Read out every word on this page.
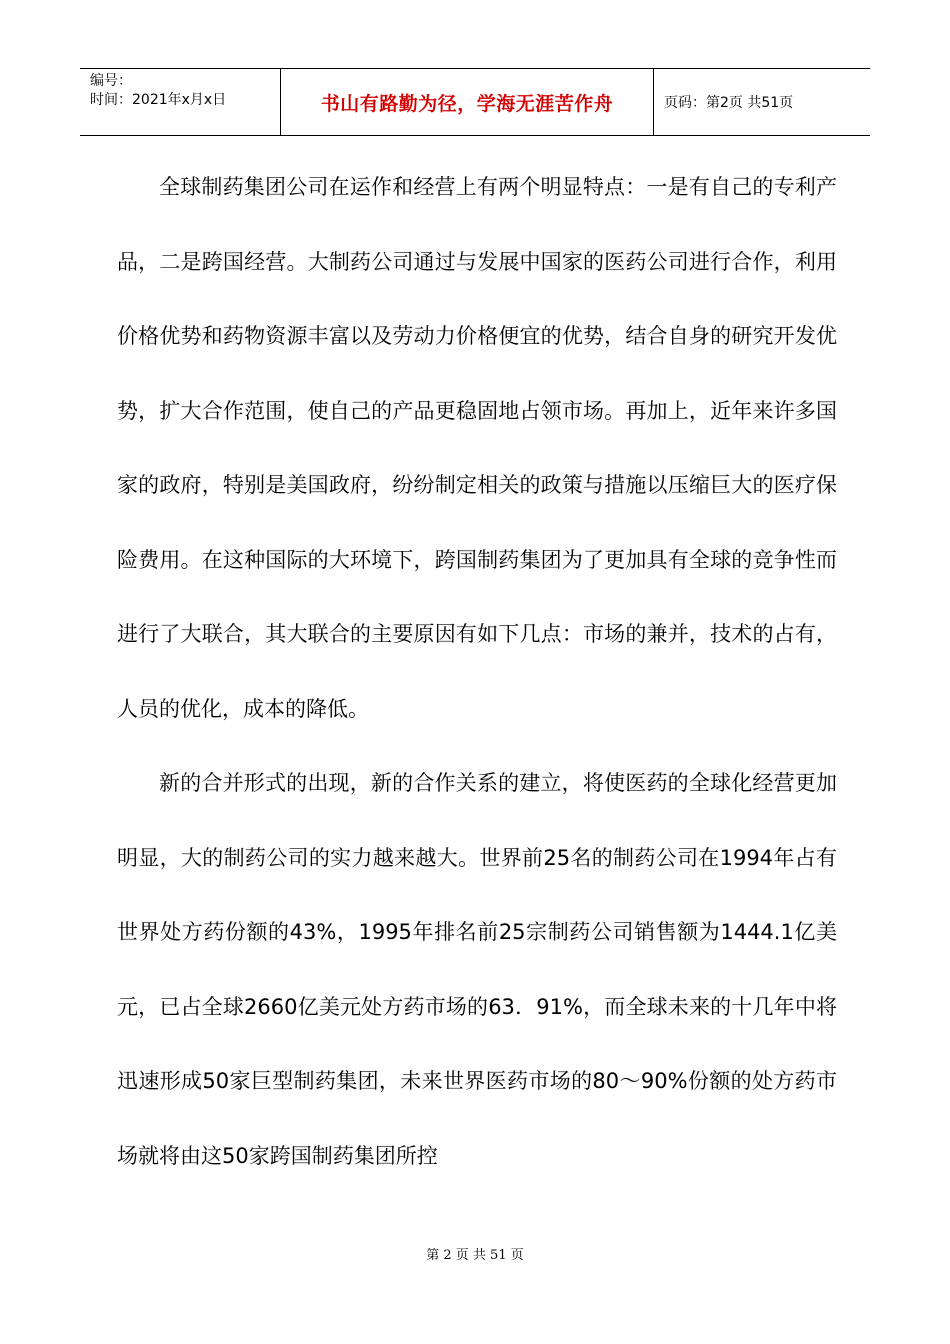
编号：
时间：2021年x月x日	书山有路勤为径，学海无涯苦作舟	页码：第2页 共51页

全球制药集团公司在运作和经营上有两个明显特点：一是有自己的专利产品，二是跨国经营。大制药公司通过与发展中国家的医药公司进行合作，利用价格优势和药物资源丰富以及劳动力价格便宜的优势，结合自身的研究开发优势，扩大合作范围，使自己的产品更稳固地占领市场。再加上，近年来许多国家的政府，特别是美国政府，纷纷制定相关的政策与措施以压缩巨大的医疗保险费用。在这种国际的大环境下，跨国制药集团为了更加具有全球的竞争性而进行了大联合，其大联合的主要原因有如下几点：市场的兼并，技术的占有，人员的优化，成本的降低。

新的合并形式的出现，新的合作关系的建立，将使医药的全球化经营更加明显，大的制药公司的实力越来越大。世界前25名的制药公司在1994年占有世界处方药份额的43%，1995年排名前25宗制药公司销售额为1444.1亿美元，已占全球2660亿美元处方药市场的63．91%，而全球未来的十几年中将迅速形成50家巨型制药集团，未来世界医药市场的80～90%份额的处方药市场就将由这50家跨国制药集团所控

第 2 页 共 51 页
